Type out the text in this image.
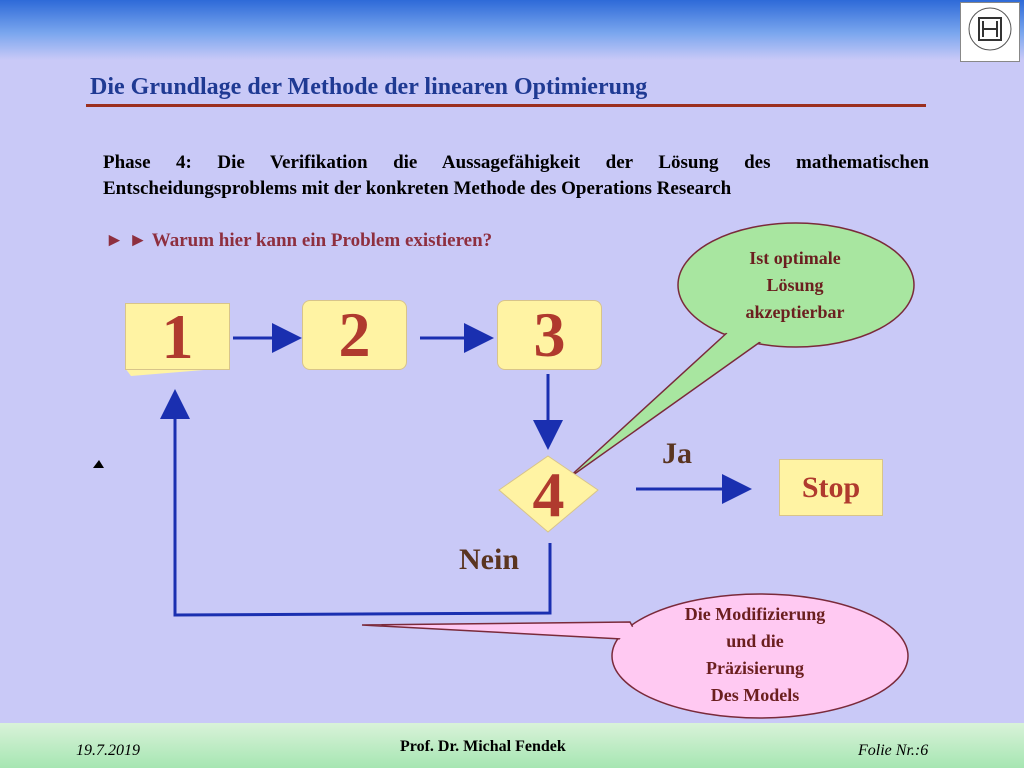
Die Grundlage der Methode der linearen Optimierung
Phase 4: Die Verifikation die Aussagefähigkeit der Lösung des mathematischen Entscheidungsproblems mit der konkreten Methode des Operations Research
► ► Warum hier kann ein Problem existieren?
1	2	3
4	Stop
Ja
Nein
Ist optimale
Lösung
akzeptierbar
Die Modifizierung
und die
Präzisierung
Des Models
19.7.2019	Prof. Dr. Michal Fendek	Folie Nr.:6
